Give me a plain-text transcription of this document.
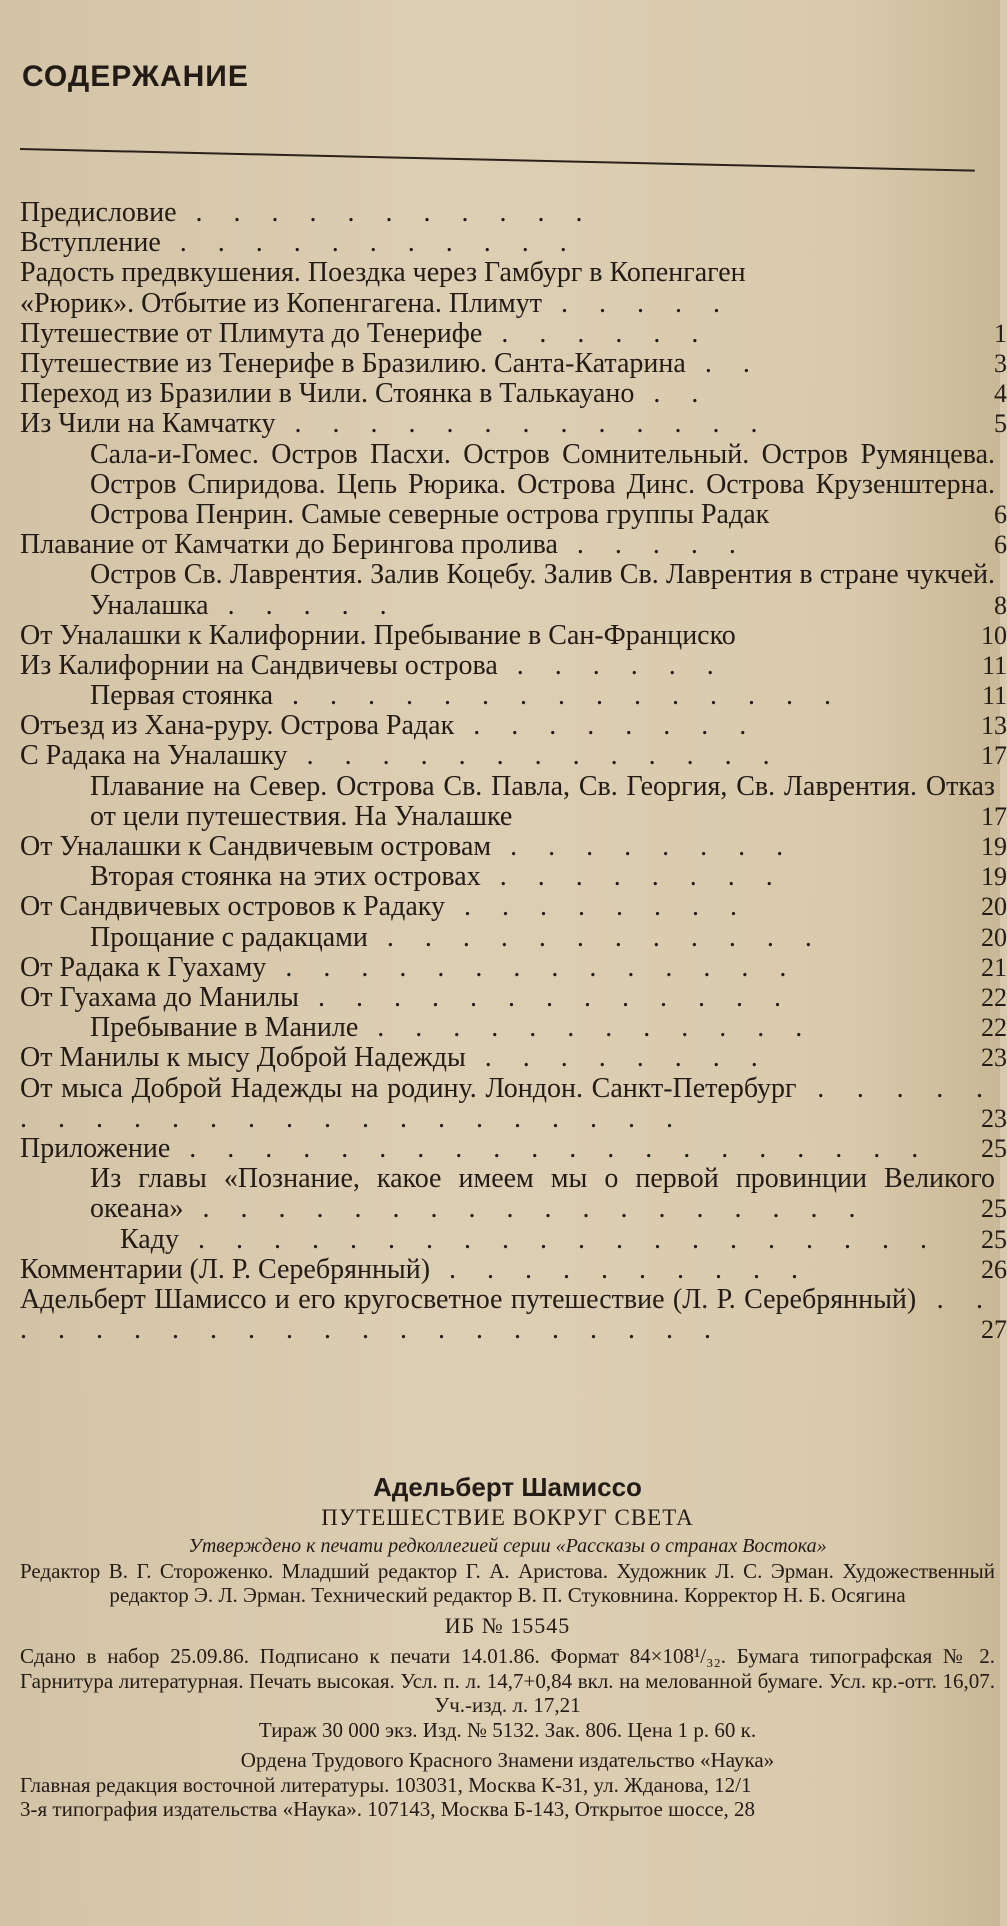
СОДЕРЖАНИЕ
Предисловие . . . . . . . . . . .
Вступление . . . . . . . . . . .
Радость предвкушения. Поездка через Гамбург в Копенгаген
«Рюрик». Отбытие из Копенгагена. Плимут . . . . .
Путешествие от Плимута до Тенерифе . . . . . .	1
Путешествие из Тенерифе в Бразилию. Санта-Катарина . .	3
Переход из Бразилии в Чили. Стоянка в Талькауано . .	4
Из Чили на Камчатку . . . . . . . . . . . . .	5
Сала-и-Гомес. Остров Пасхи. Остров Сомнительный. Остров Румянцева. Остров Спиридова. Цепь Рюрика. Острова Динс. Острова Крузенштерна. Острова Пенрин. Самые северные острова группы Радак	6
Плавание от Камчатки до Берингова пролива . . . . .	6
Остров Св. Лаврентия. Залив Коцебу. Залив Св. Лаврентия в стране чукчей. Уналашка . . . . .	8
От Уналашки к Калифорнии. Пребывание в Сан-Франциско	10
Из Калифорнии на Сандвичевы острова . . . . . .	11
Первая стоянка . . . . . . . . . . . . . . .	11
Отъезд из Хана-руру. Острова Радак . . . . . . . .	13
С Радака на Уналашку . . . . . . . . . . . . .	17
Плавание на Север. Острова Св. Павла, Св. Георгия, Св. Лаврентия. Отказ от цели путешествия. На Уналашке	17
От Уналашки к Сандвичевым островам . . . . . . . .	19
Вторая стоянка на этих островах . . . . . . . .	19
От Сандвичевых островов к Радаку . . . . . . . .	20
Прощание с радакцами . . . . . . . . . . . .	20
От Радака к Гуахаму . . . . . . . . . . . . . .	21
От Гуахама до Манилы . . . . . . . . . . . . .	22
Пребывание в Маниле . . . . . . . . . . . .	22
От Манилы к мысу Доброй Надежды . . . . . . . .	23
От мыса Доброй Надежды на родину. Лондон. Санкт-Петербург . . . . . . . . . . . . . . . . . . . . . . .	23
Приложение . . . . . . . . . . . . . . . . . . . . 25
Из главы «Познание, какое имеем мы о первой провинции Великого океана» . . . . . . . . . . . . . . . . . .	25
Каду . . . . . . . . . . . . . . . . . . . . 25
Комментарии (Л. Р. Серебрянный) . . . . . . . . . .	26
Адельберт Шамиссо и его кругосветное путешествие (Л. Р. Серебрянный) . . . . . . . . . . . . . . . . . . . . .	27
Адельберт Шамиссо
ПУТЕШЕСТВИЕ ВОКРУГ СВЕТА
Утверждено к печати редколлегией серии «Рассказы о странах Востока»
Редактор В. Г. Стороженко. Младший редактор Г. А. Аристова. Художник Л. С. Эрман. Художественный редактор Э. Л. Эрман. Технический редактор В. П. Стуковнина. Корректор Н. Б. Осягина
ИБ № 15545
Сдано в набор 25.09.86. Подписано к печати 14.01.86. Формат 84×108¹/₃₂. Бумага типографская № 2. Гарнитура литературная. Печать высокая. Усл. п. л. 14,7+0,84 вкл. на мелованной бумаге. Усл. кр.-отт. 16,07. Уч.-изд. л. 17,21
Тираж 30 000 экз. Изд. № 5132. Зак. 806. Цена 1 р. 60 к.
Ордена Трудового Красного Знамени издательство «Наука»
Главная редакция восточной литературы. 103031, Москва К-31, ул. Жданова, 12/1
3-я типография издательства «Наука». 107143, Москва Б-143, Открытое шоссе, 28
